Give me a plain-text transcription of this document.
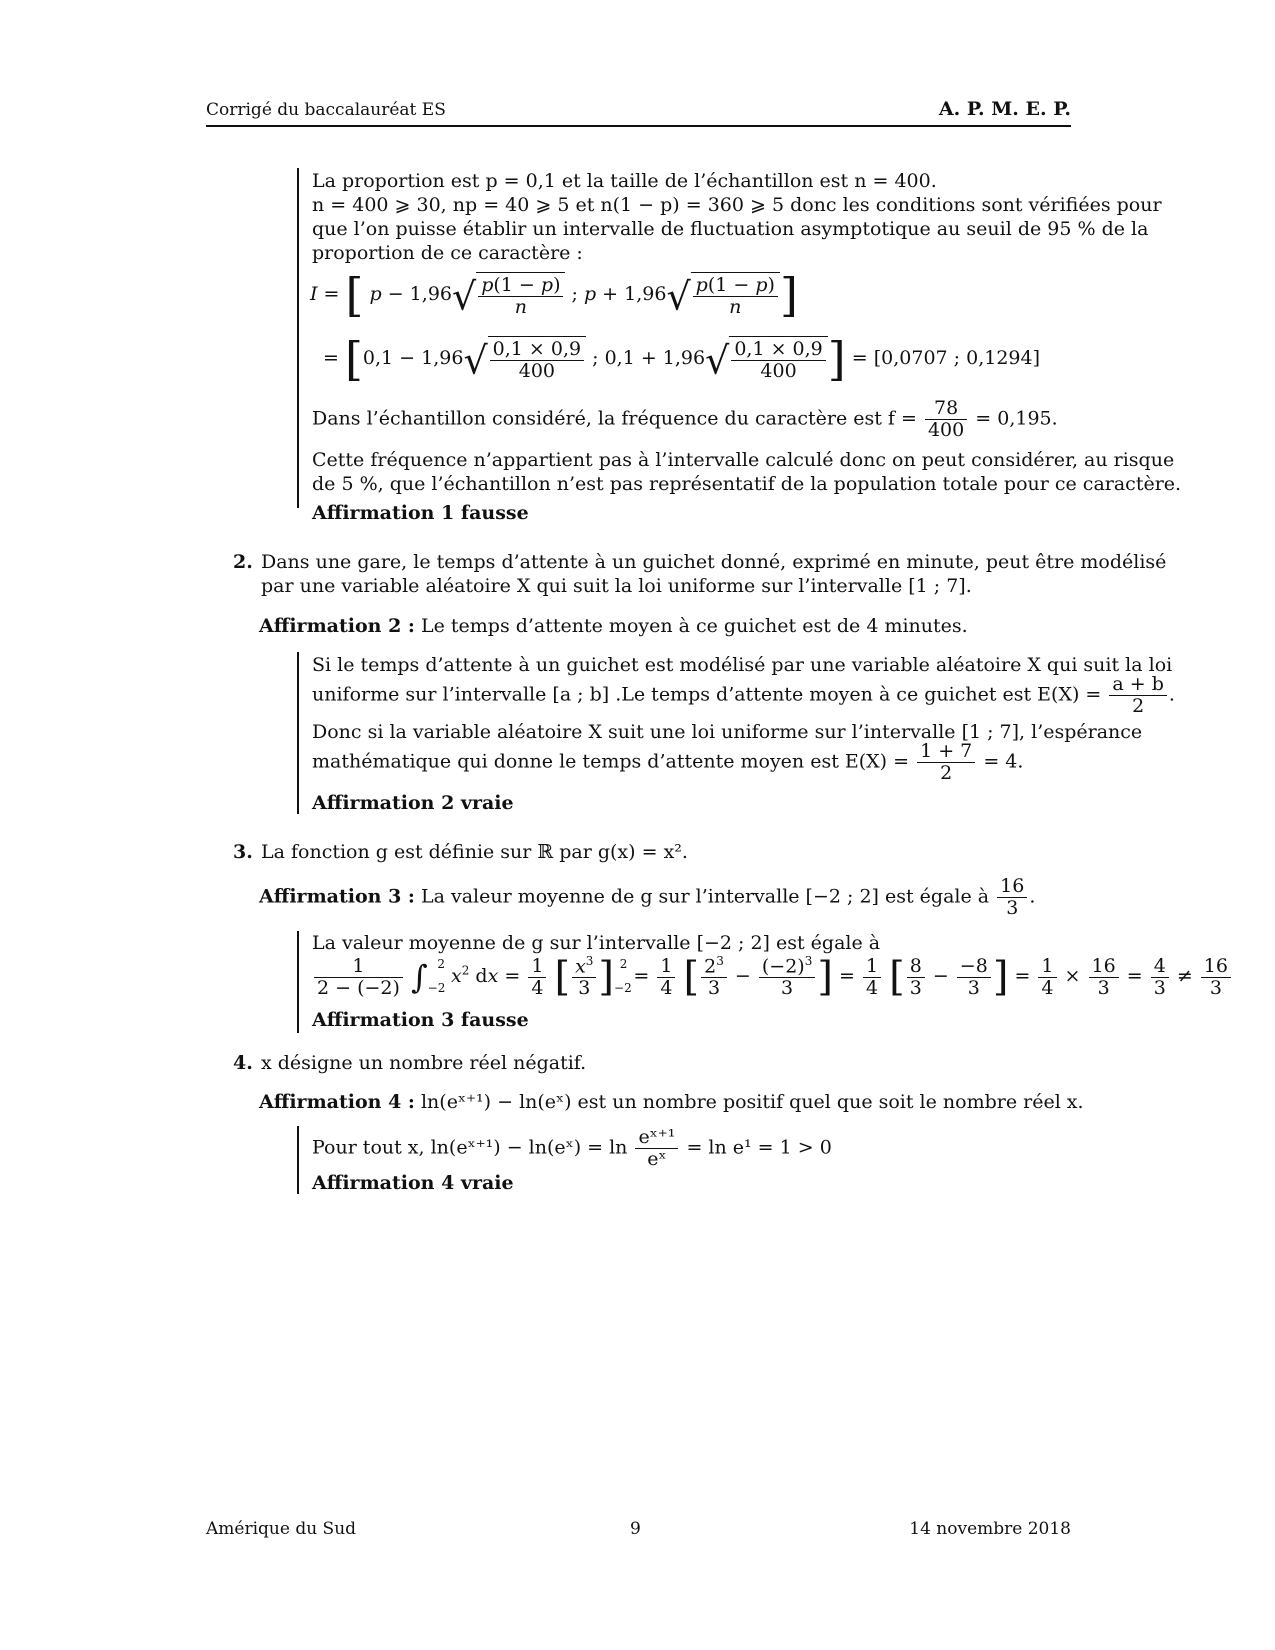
Corrigé du baccalauréat ES	A. P. M. E. P.
La proportion est p = 0,1 et la taille de l’échantillon est n = 400.
n = 400 ⩾ 30, np = 40 ⩾ 5 et n(1 − p) = 360 ⩾ 5 donc les conditions sont vérifiées pour
que l’on puisse établir un intervalle de fluctuation asymptotique au seuil de 95 % de la
proportion de ce caractère :
I = [ $p - 1,96√ \frac{p(1 - p)}{n}$ ; $p + 1,96√ \frac{p(1 - p)}{n}$ ]
= [$0,1 - 1,96√ \frac{0,1 \times 0,9}{400}$ ; $0,1 + 1,96√ \frac{0,1 \times 0,9}{400}$ ] = [0,0707 ; 0,1294]
Dans l’échantillon considéré, la fréquence du caractère est $f = \frac{78}{400} = 0,195$.
Cette fréquence n’appartient pas à l’intervalle calculé donc on peut considérer, au risque
de 5 %, que l’échantillon n’est pas représentatif de la population totale pour ce caractère.
Affirmation 1 fausse
2. Dans une gare, le temps d’attente à un guichet donné, exprimé en minute, peut être modélisé
par une variable aléatoire X qui suit la loi uniforme sur l’intervalle [1 ; 7].
Affirmation 2 : Le temps d’attente moyen à ce guichet est de 4 minutes.
Si le temps d’attente à un guichet est modélisé par une variable aléatoire X qui suit la loi
uniforme sur l’intervalle [a ; b] .Le temps d’attente moyen à ce guichet est $E(X) = \frac{a + b}{2}$ .
Donc si la variable aléatoire X suit une loi uniforme sur l’intervalle [1 ; 7], l’espérance
mathématique qui donne le temps d’attente moyen est $E(X) = \frac{1 + 7}{2} = 4$.
Affirmation 2 vraie
3. La fonction g est définie sur ℝ par g(x) = x².
Affirmation 3 : La valeur moyenne de g sur l’intervalle [−2 ; 2] est égale à $\frac{16}{3}$ .
La valeur moyenne de g sur l’intervalle [−2 ; 2] est égale à
$\frac{1}{2 - (-2)} \int_{-2}^2$ $x^2$ dx = $\frac{1}{4}$ [ $\frac{x^3}{3} ]_{-2}^2 = \frac{1}{4}$ [ $\frac{2^3}{3} - \frac{(-2)^3}{3}$ ] = $\frac{1}{4}$ [ $\frac{8}{3} - \frac{-8}{3}$ ] = $\frac{1}{4} \times \frac{16}{3} = \frac{4}{3} \ne \frac{16}{3}$
Affirmation 3 fausse
4. x désigne un nombre réel négatif.
Affirmation 4 : ln(eˣ⁺¹) − ln(eˣ) est un nombre positif quel que soit le nombre réel x.
Pour tout x, ln(eˣ⁺¹) − ln(eˣ) = $\ln \frac{\text{eˣ⁺¹}}{\text{eˣ}} = \ln e^1 = 1 > 0$
Affirmation 4 vraie
Amérique du Sud	9	14 novembre 2018
